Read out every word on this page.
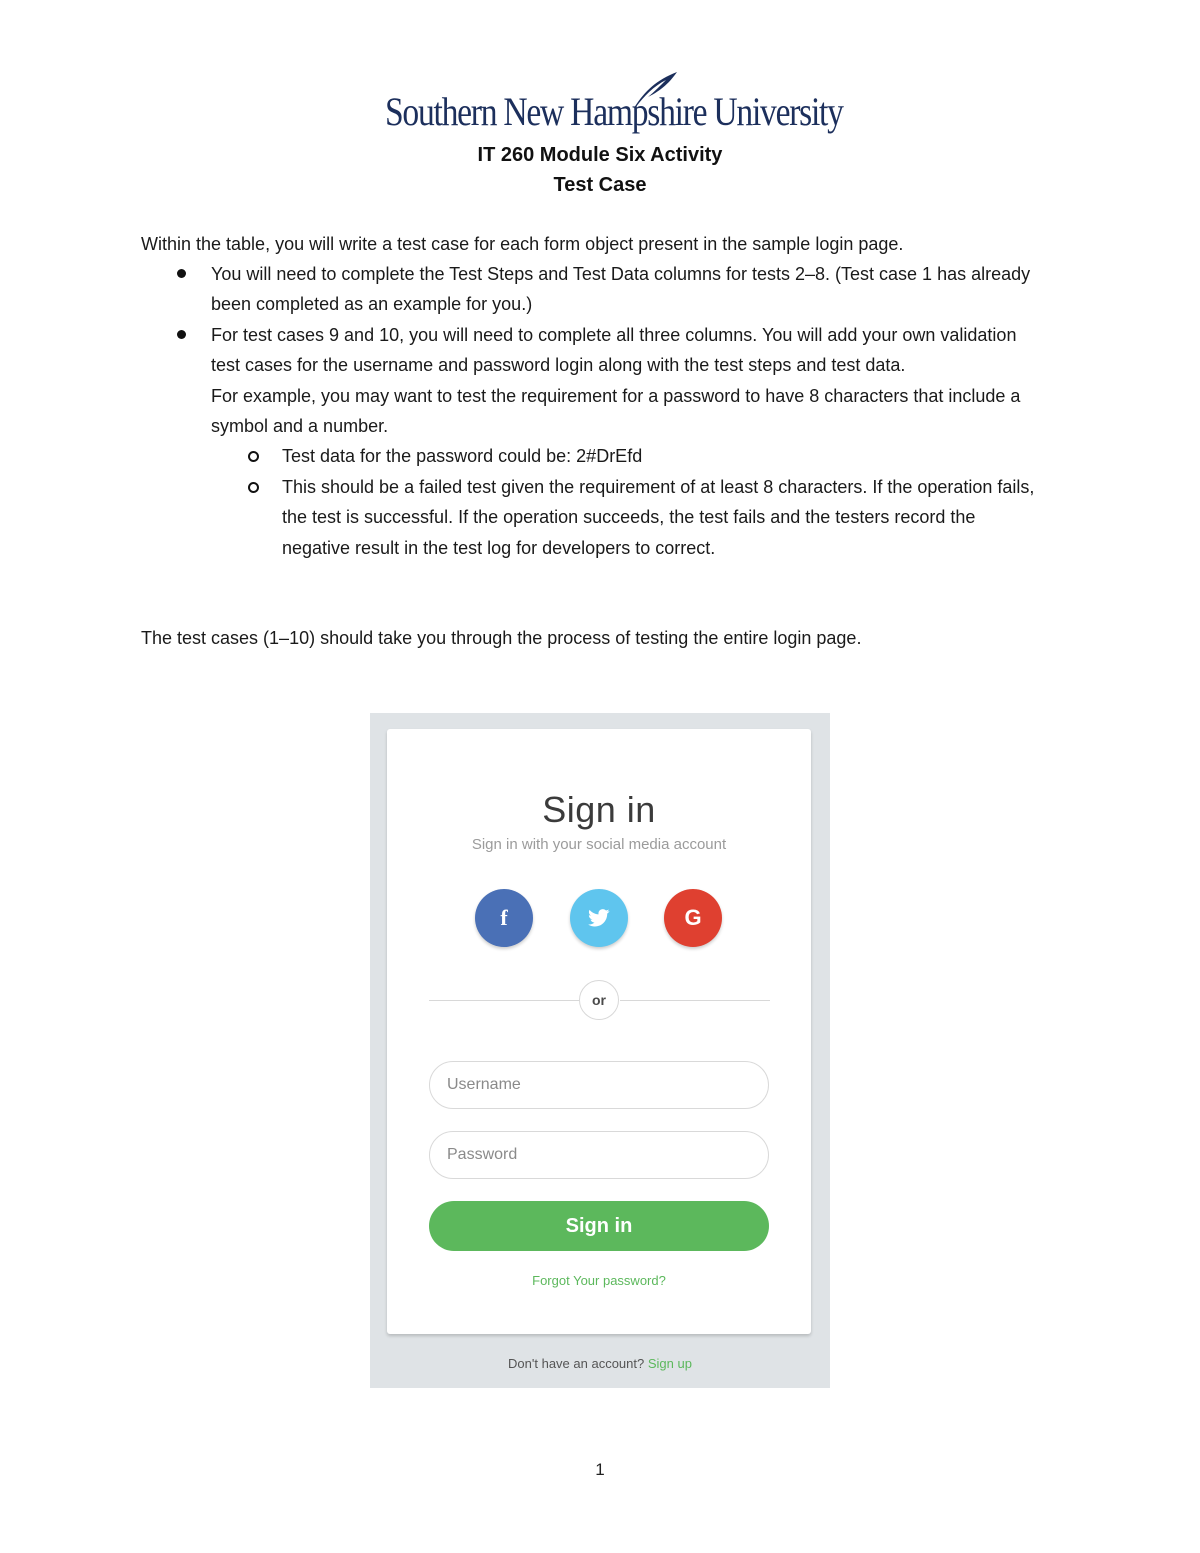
Southern New Hampshire University
IT 260 Module Six Activity
Test Case

Within the table, you will write a test case for each form object present in the sample login page.

You will need to complete the Test Steps and Test Data columns for tests 2–8. (Test case 1 has already been completed as an example for you.)
For test cases 9 and 10, you will need to complete all three columns. You will add your own validation test cases for the username and password login along with the test steps and test data.
For example, you may want to test the requirement for a password to have 8 characters that include a symbol and a number.
Test data for the password could be: 2#DrEfd
This should be a failed test given the requirement of at least 8 characters. If the operation fails, the test is successful. If the operation succeeds, the test fails and the testers record the negative result in the test log for developers to correct.

The test cases (1–10) should take you through the process of testing the entire login page.

Sign in

Sign in with your social media account

f	G
or
Username
Sign in
Forgot Your password?
Don't have an account? Sign up
1
